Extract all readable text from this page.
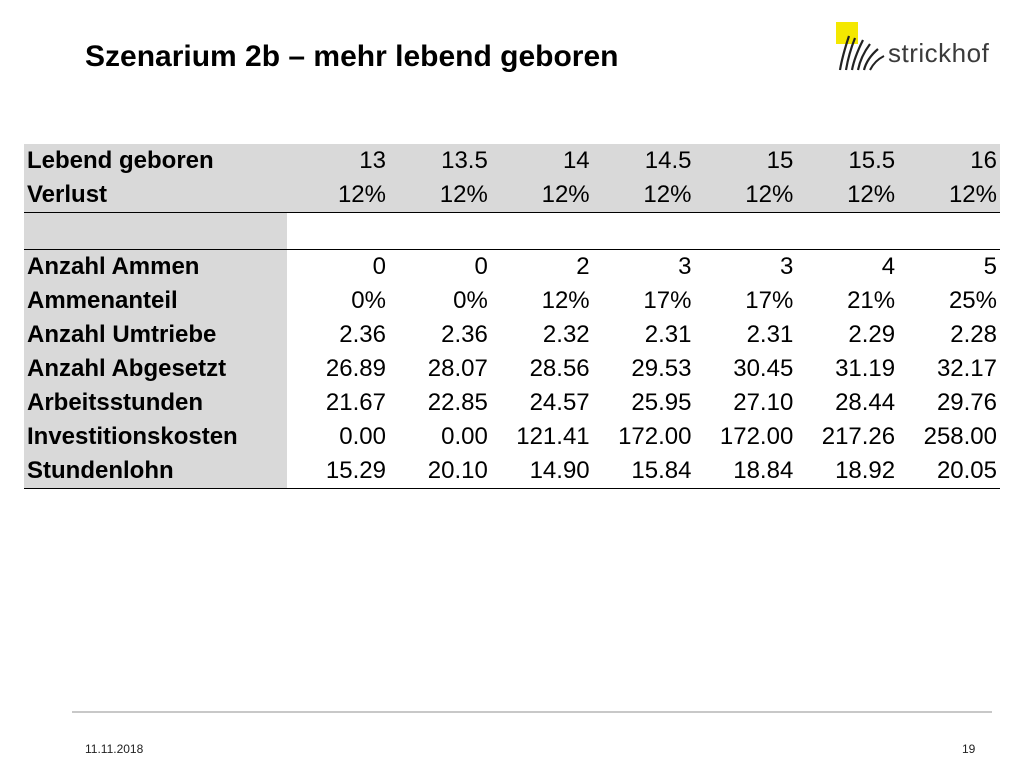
Szenarium 2b – mehr lebend geboren	strickhof
Lebend geboren	13	13.5	14	14.5	15	15.5	16
Verlust	12%	12%	12%	12%	12%	12%	12%

Anzahl Ammen	0	0	2	3	3	4	5
Ammenanteil	0%	0%	12%	17%	17%	21%	25%
Anzahl Umtriebe	2.36	2.36	2.32	2.31	2.31	2.29	2.28
Anzahl Abgesetzt	26.89	28.07	28.56	29.53	30.45	31.19	32.17
Arbeitsstunden	21.67	22.85	24.57	25.95	27.10	28.44	29.76
Investitionskosten	0.00	0.00	121.41	172.00	172.00	217.26	258.00
Stundenlohn	15.29	20.10	14.90	15.84	18.84	18.92	20.05
11.11.2018	19
